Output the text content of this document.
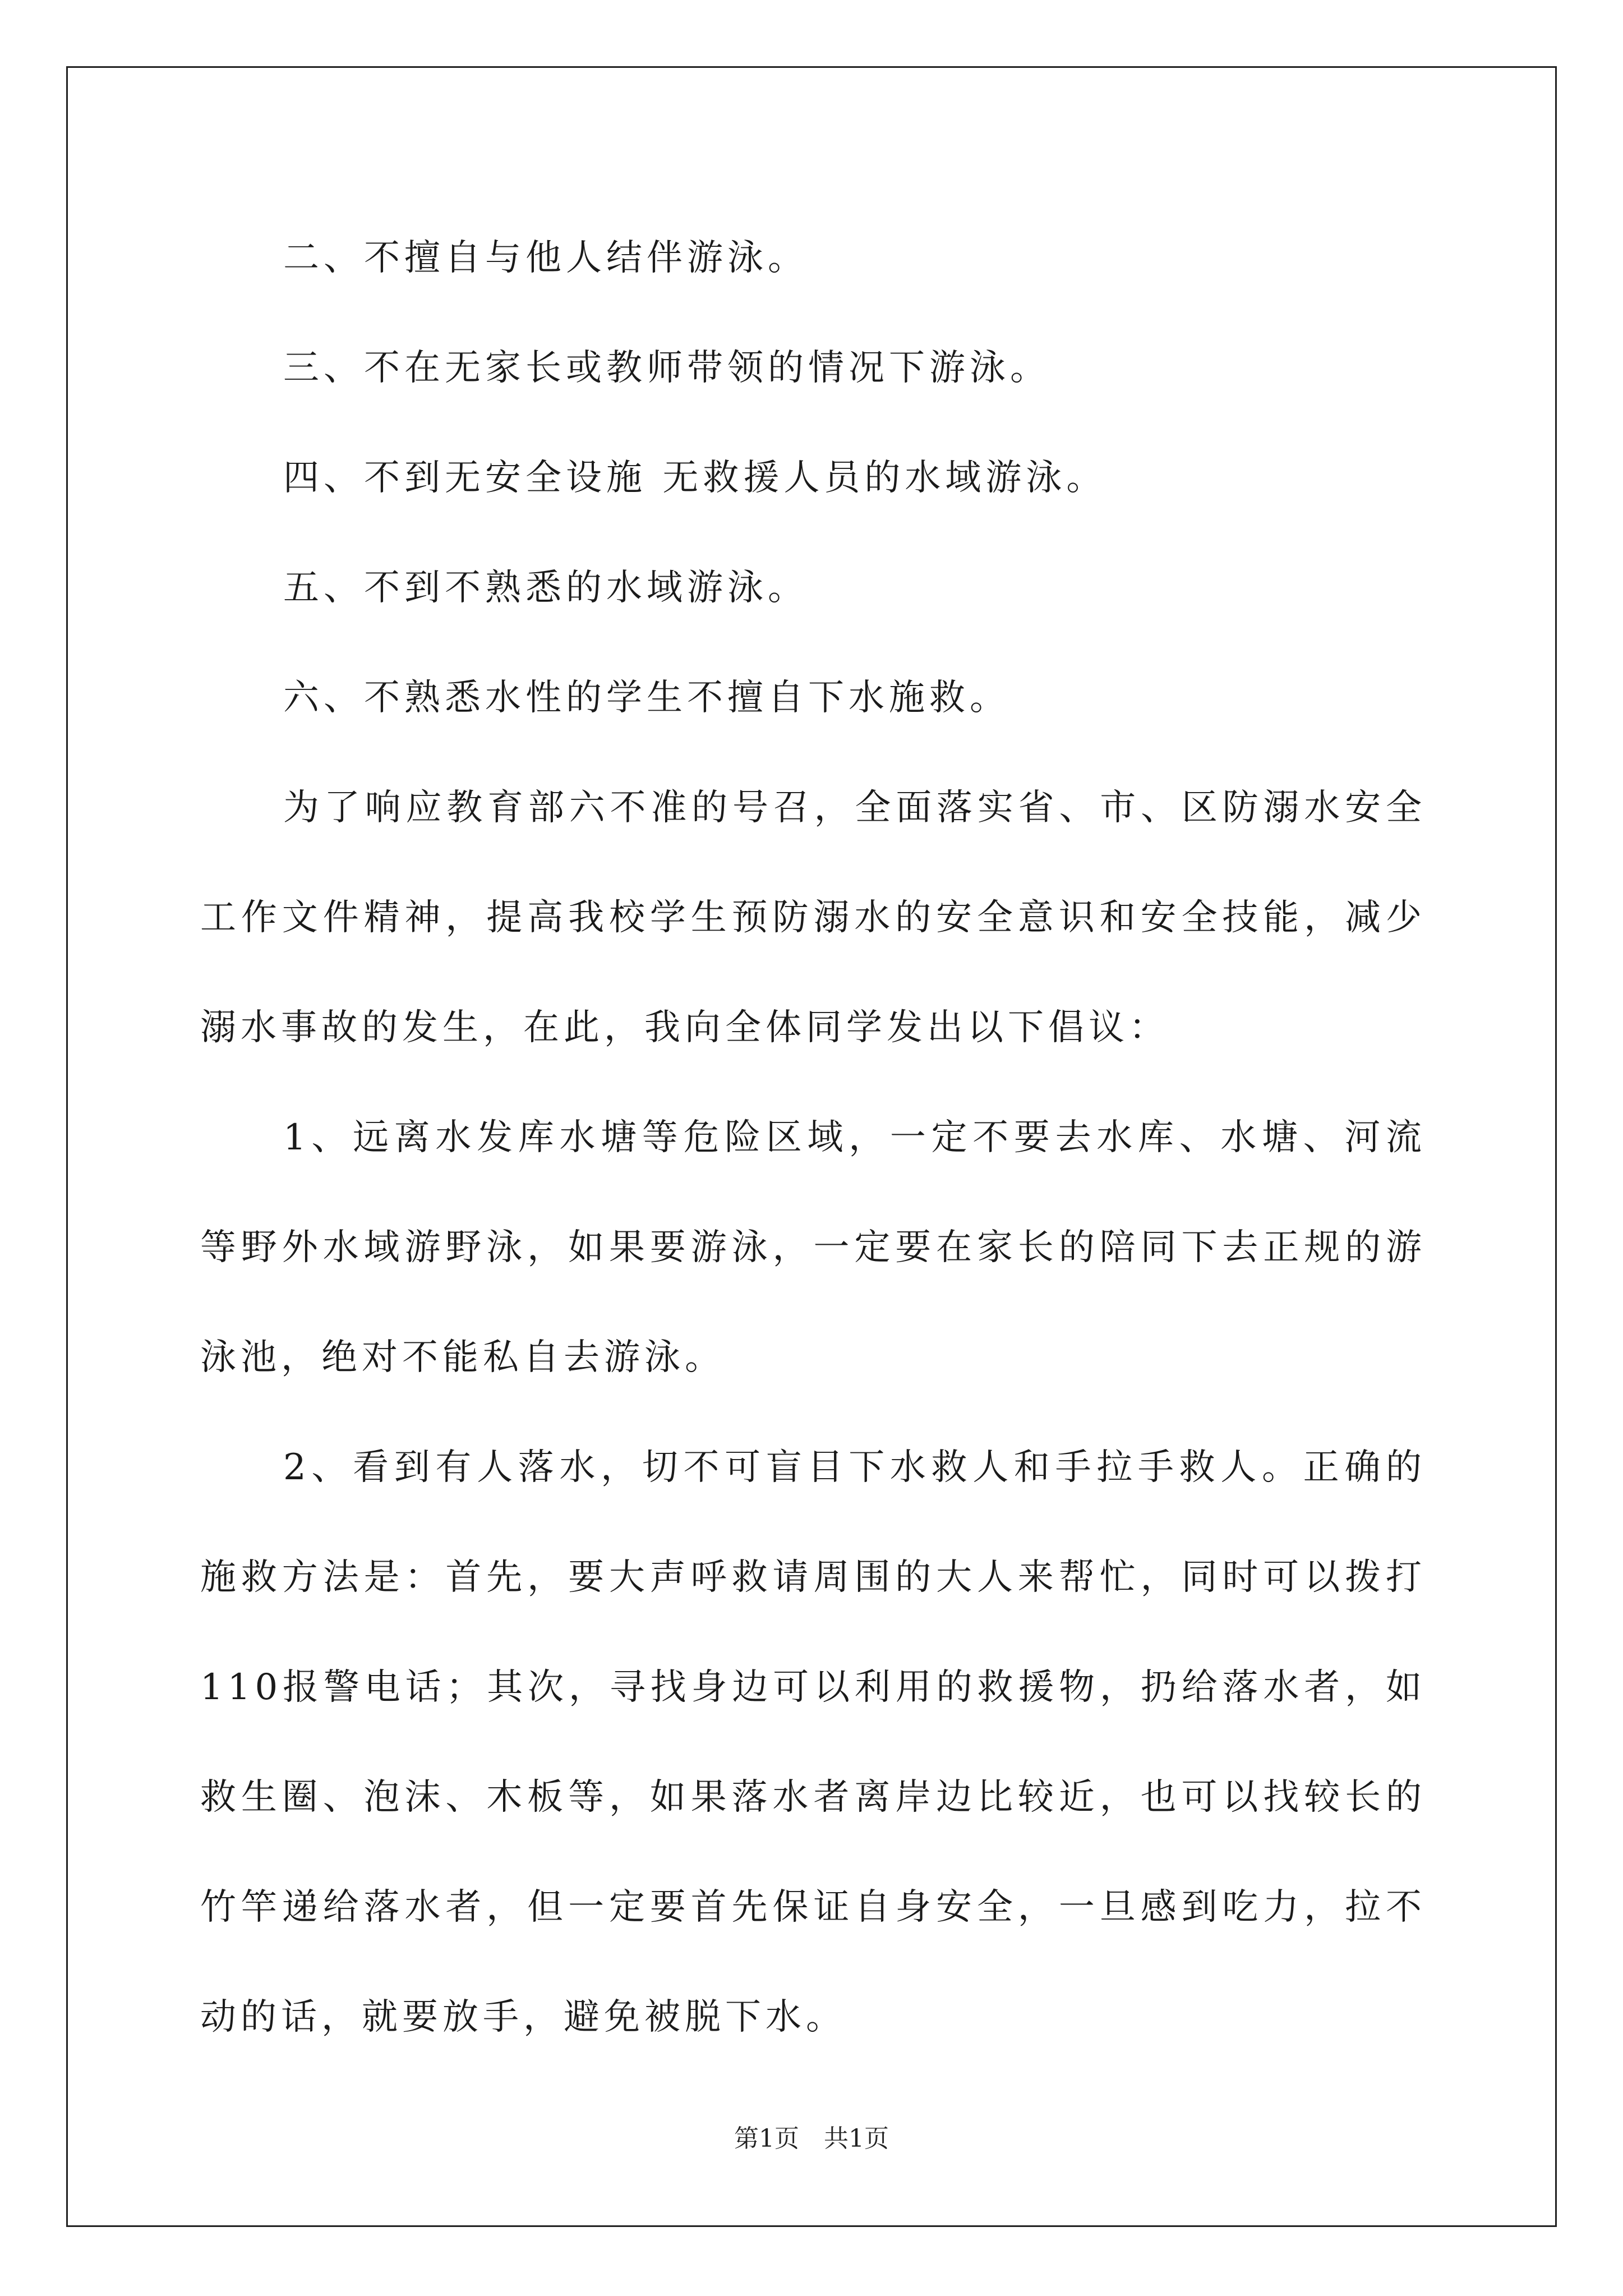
二、不擅自与他人结伴游泳。

三、不在无家长或教师带领的情况下游泳。

四、不到无安全设施 无救援人员的水域游泳。

五、不到不熟悉的水域游泳。

六、不熟悉水性的学生不擅自下水施救。

为了响应教育部六不准的号召，全面落实省、市、区防溺水安全工作文件精神，提高我校学生预防溺水的安全意识和安全技能，减少溺水事故的发生，在此，我向全体同学发出以下倡议：

1、远离水发库水塘等危险区域，一定不要去水库、水塘、河流等野外水域游野泳，如果要游泳，一定要在家长的陪同下去正规的游泳池，绝对不能私自去游泳。

2、看到有人落水，切不可盲目下水救人和手拉手救人。正确的施救方法是：首先，要大声呼救请周围的大人来帮忙，同时可以拨打110报警电话；其次，寻找身边可以利用的救援物，扔给落水者，如救生圈、泡沫、木板等，如果落水者离岸边比较近，也可以找较长的竹竿递给落水者，但一定要首先保证自身安全，一旦感到吃力，拉不动的话，就要放手，避免被脱下水。

第1页　共1页
